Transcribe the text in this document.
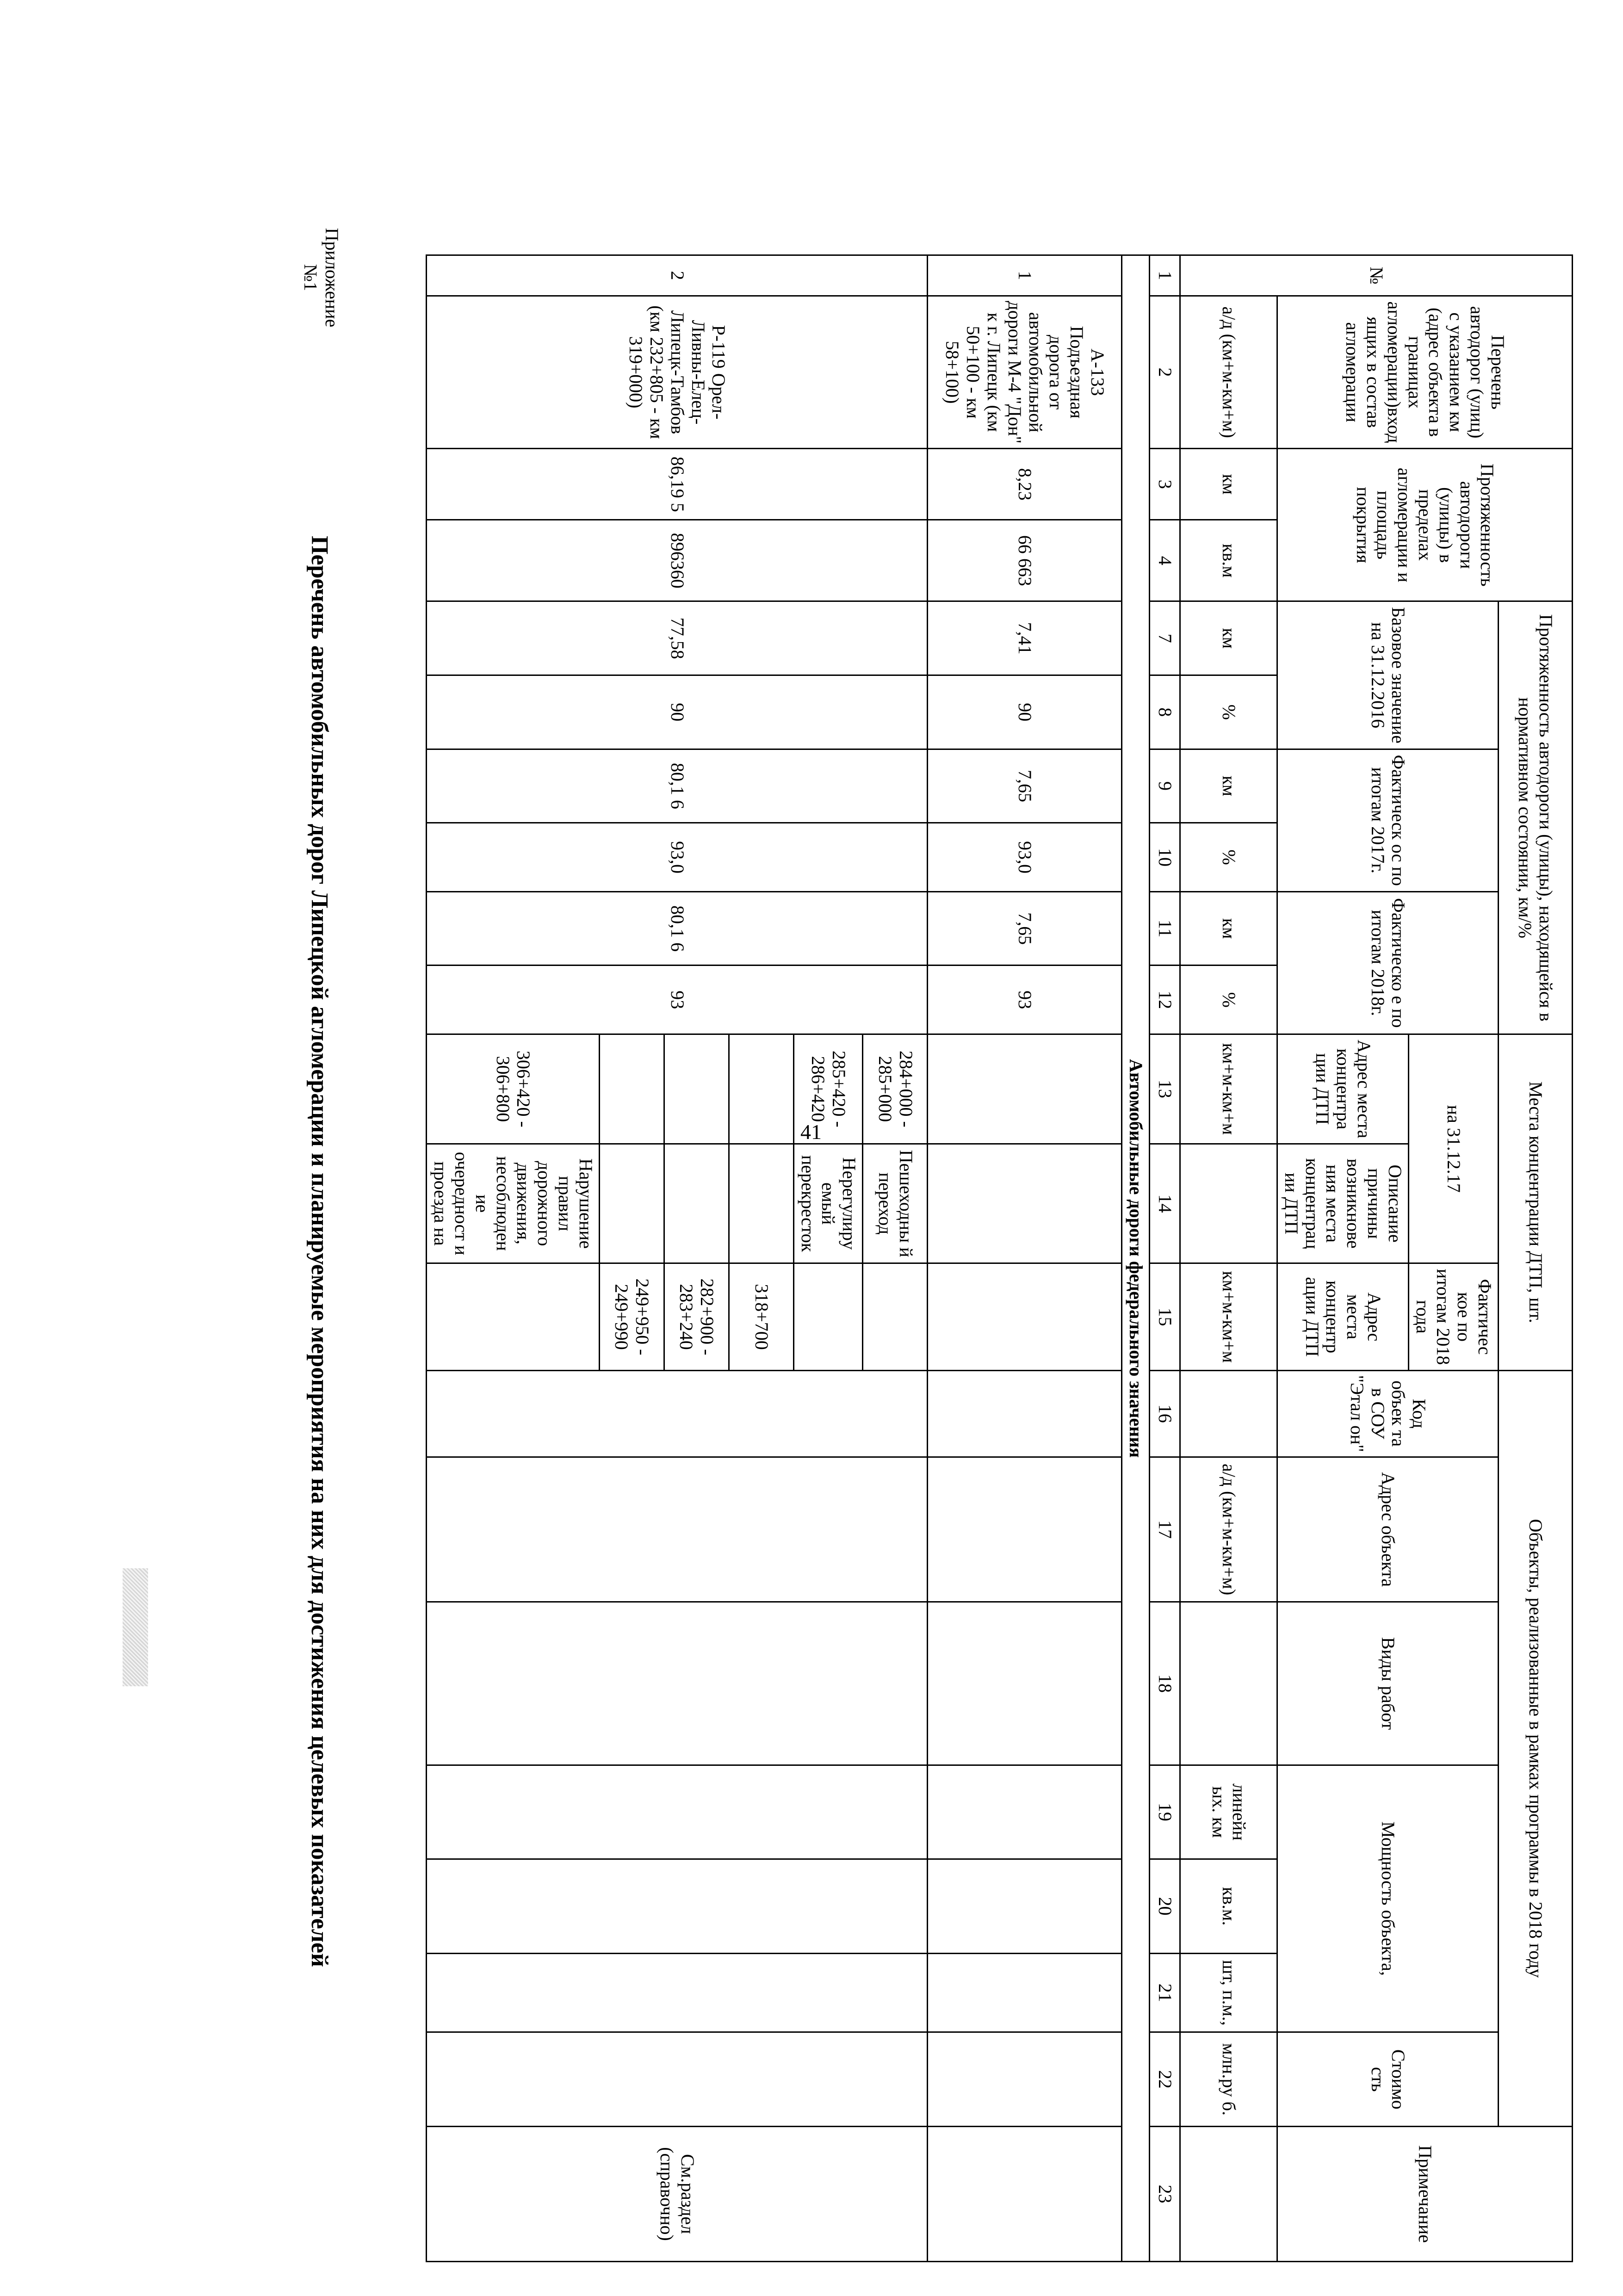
41
Приложение №1
Перечень автомобильных дорог Липецкой агломерации и планируемые мероприятия на них для достижения целевых показателей
№	Перечень автодорог (улиц) с указанием км (адрес объекта в границах агломерации)входящих в состав агломерации	Протяженность автодороги (улицы) в пределах агломерации и площадь покрытия		Протяженность автодороги (улицы), находящейся в нормативном состоянии, км/%						Места концентрации ДТП, шт.			Объекты, реализованные в рамках программы в 2018 году							Примечание
				Базовое значение на 31.12.2016		Фактическ ос по итогам 2017г.		Фактическо е по итогам 2018г.		на 31.12.17		Фактичес кое по итогам 2018 года	Код объек та в СОУ "Этал он"	Адрес объекта	Виды работ	Мощность объекта,			Стоимо сть	
										Адрес места концентра ции ДТП	Описание причины возникнове ния места концентрац ии ДТП	Адрес места концентр ации ДТП								
	а/д (км+м-км+м)	км	кв.м	км	%	км	%	км	%	км+м-км+м		км+м-км+м		а/д (км+м-км+м)		линейн ых. км	кв.м.	шт, п.м.,	млн.ру б.	
1	2	3	4	7	8	9	10	11	12	13	14	15	16	17	18	19	20	21	22	23
Автомобильные дороги федерального значения																				
1	А-133 Подъездная дорога от автомобильной дороги М-4 "Дон" к г. Липецк (км 50+100 - км 58+100)	8,23	66 663	7,41	90	7,65	93,0	7,65	93											
2	Р-119 Орел-Ливны-Елец-Липецк-Тамбов (км 232+805 - км 319+000)	86,19 5	896360	77,58	90	80,1 6	93,0	80,1 6	93	284+000 - 285+000	Пешеходны й переход									См.раздел (справочно)
										285+420 - 286+420	Нерегулиру емый перекресток									
												318+700								
												282+900 - 283+240								
												249+950 - 249+990								
										306+420 - 306+800	Нарушение правил дорожного движения, несоблюден ие очередност и проезда на									
